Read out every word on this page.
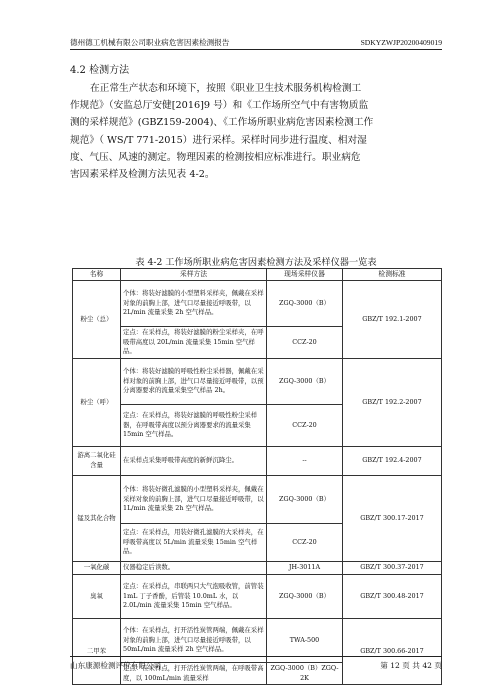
德州德工机械有限公司职业病危害因素检测报告	SDKYZWJP20200409019
4.2 检测方法

在正常生产状态和环境下，按照《职业卫生技术服务机构检测工
作规范》（安监总厅安健[2016]9 号）和《工作场所空气中有害物质监
测的采样规范》(GBZ159-2004)、《工作场所职业病危害因素检测工作
规范》（ WS/T 771-2015）进行采样。采样时同步进行温度、相对湿
度、气压、风速的测定。物理因素的检测按相应标准进行。职业病危
害因素采样及检测方法见表 4-2。

表 4-2 工作场所职业病危害因素检测方法及采样仪器一览表
名称	采样方法	现场采样仪器	检测标准
粉尘（总）	个体：将装好滤膜的小型塑料采样夹，佩戴在采样对象的前胸上部，进气口尽量接近呼吸带，以 2L/min 流量采集 2h 空气样品。	ZGQ-3000（B）	GBZ/T 192.1-2007
	定点：在采样点，将装好滤膜的粉尘采样夹，在呼吸带高度以 20L/min 流量采集 15min 空气样品。	CCZ-20	
粉尘（呼）	个体：将装好滤膜的呼吸性粉尘采样器，佩戴在采样对象的前胸上部，进气口尽量接近呼吸带，以预分离器要求的流量采集空气样品 2h。	ZGQ-3000（B）	GBZ/T 192.2-2007
	定点：在采样点，将装好滤膜的呼吸性粉尘采样器，在呼吸带高度以预分离器要求的流量采集 15min 空气样品。	CCZ-20	
游离二氧化硅含量	在采样点采集呼吸带高度的新鲜沉降尘。	--	GBZ/T 192.4-2007
锰及其化合物	个体：将装好微孔滤膜的小型塑料采样夹，佩戴在采样对象的前胸上部，进气口尽量接近呼吸带，以 1L/min 流量采集 2h 空气样品。	ZGQ-3000（B）	GBZ/T 300.17-2017
	定点：在采样点，用装好微孔滤膜的大采样夹，在呼吸带高度以 5L/min 流量采集 15min 空气样品。	CCZ-20	
一氧化碳	仪器稳定后读数。	JH-3011A	GBZ/T 300.37-2017
臭氧	定点：在采样点，串联两只大气泡吸收管，前管装 1mL 丁子香酚，后管装 10.0mL 水，以 2.0L/min 流量采集 15min 空气样品。	ZGQ-3000（B）	GBZ/T 300.48-2017
二甲苯	个体：在采样点，打开活性炭管两端，佩戴在采样对象的前胸上部，进气口尽量接近呼吸带，以 50mL/min 流量采样 2h 空气样品。	TWA-500	GBZ/T 300.66-2017
	定点：在采样点，打开活性炭管两端，在呼吸带高度，以 100mL/min 流量采样	ZGQ-3000（B）ZGQ-2K	
山东康源检测评价有限公司	第 12 页 共 42 页
